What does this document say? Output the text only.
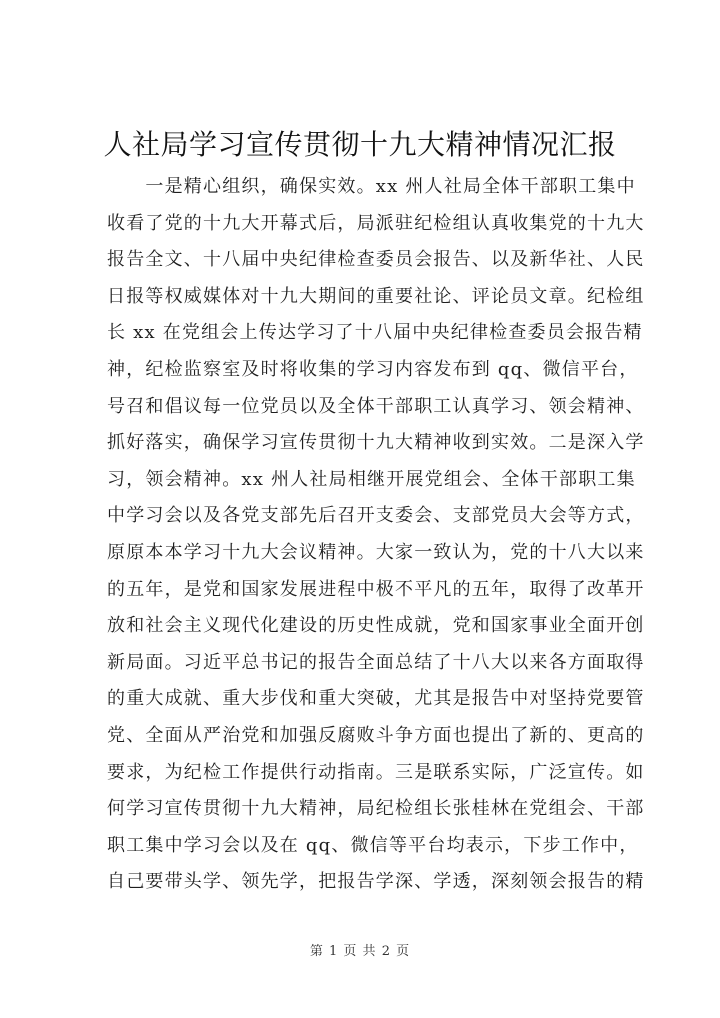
人社局学习宣传贯彻十九大精神情况汇报
　　一是精心组织，确保实效。xx 州人社局全体干部职工集中
收看了党的十九大开幕式后，局派驻纪检组认真收集党的十九大
报告全文、十八届中央纪律检查委员会报告、以及新华社、人民
日报等权威媒体对十九大期间的重要社论、评论员文章。纪检组
长 xx 在党组会上传达学习了十八届中央纪律检查委员会报告精
神，纪检监察室及时将收集的学习内容发布到 qq、微信平台，
号召和倡议每一位党员以及全体干部职工认真学习、领会精神、
抓好落实，确保学习宣传贯彻十九大精神收到实效。二是深入学
习，领会精神。xx 州人社局相继开展党组会、全体干部职工集
中学习会以及各党支部先后召开支委会、支部党员大会等方式，
原原本本学习十九大会议精神。大家一致认为，党的十八大以来
的五年，是党和国家发展进程中极不平凡的五年，取得了改革开
放和社会主义现代化建设的历史性成就，党和国家事业全面开创
新局面。习近平总书记的报告全面总结了十八大以来各方面取得
的重大成就、重大步伐和重大突破，尤其是报告中对坚持党要管
党、全面从严治党和加强反腐败斗争方面也提出了新的、更高的
要求，为纪检工作提供行动指南。三是联系实际，广泛宣传。如
何学习宣传贯彻十九大精神，局纪检组长张桂林在党组会、干部
职工集中学习会以及在 qq、微信等平台均表示，下步工作中，
自己要带头学、领先学，把报告学深、学透，深刻领会报告的精
第 1 页 共 2 页
